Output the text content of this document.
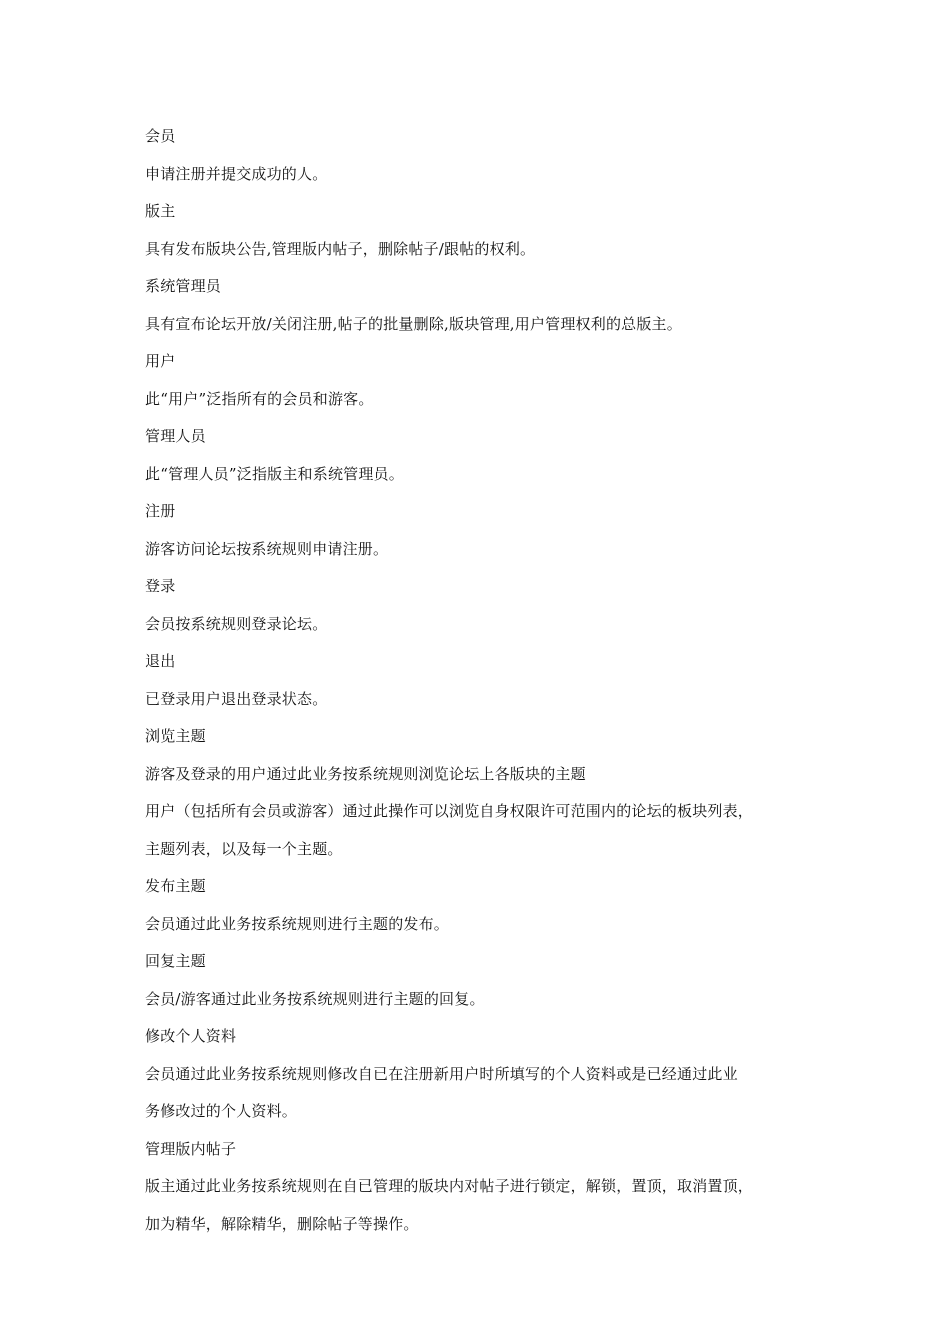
会员
申请注册并提交成功的人。
版主
具有发布版块公告,管理版内帖子，删除帖子/跟帖的权利。
系统管理员
具有宣布论坛开放/关闭注册,帖子的批量删除,版块管理,用户管理权利的总版主。
用户
此“用户”泛指所有的会员和游客。
管理人员
此“管理人员”泛指版主和系统管理员。
注册
游客访问论坛按系统规则申请注册。
登录
会员按系统规则登录论坛。
退出
已登录用户退出登录状态。
浏览主题
游客及登录的用户通过此业务按系统规则浏览论坛上各版块的主题
用户（包括所有会员或游客）通过此操作可以浏览自身权限许可范围内的论坛的板块列表，
主题列表，以及每一个主题。
发布主题
会员通过此业务按系统规则进行主题的发布。
回复主题
会员/游客通过此业务按系统规则进行主题的回复。
修改个人资料
会员通过此业务按系统规则修改自已在注册新用户时所填写的个人资料或是已经通过此业
务修改过的个人资料。
管理版内帖子
版主通过此业务按系统规则在自已管理的版块内对帖子进行锁定，解锁，置顶，取消置顶，
加为精华，解除精华，删除帖子等操作。
